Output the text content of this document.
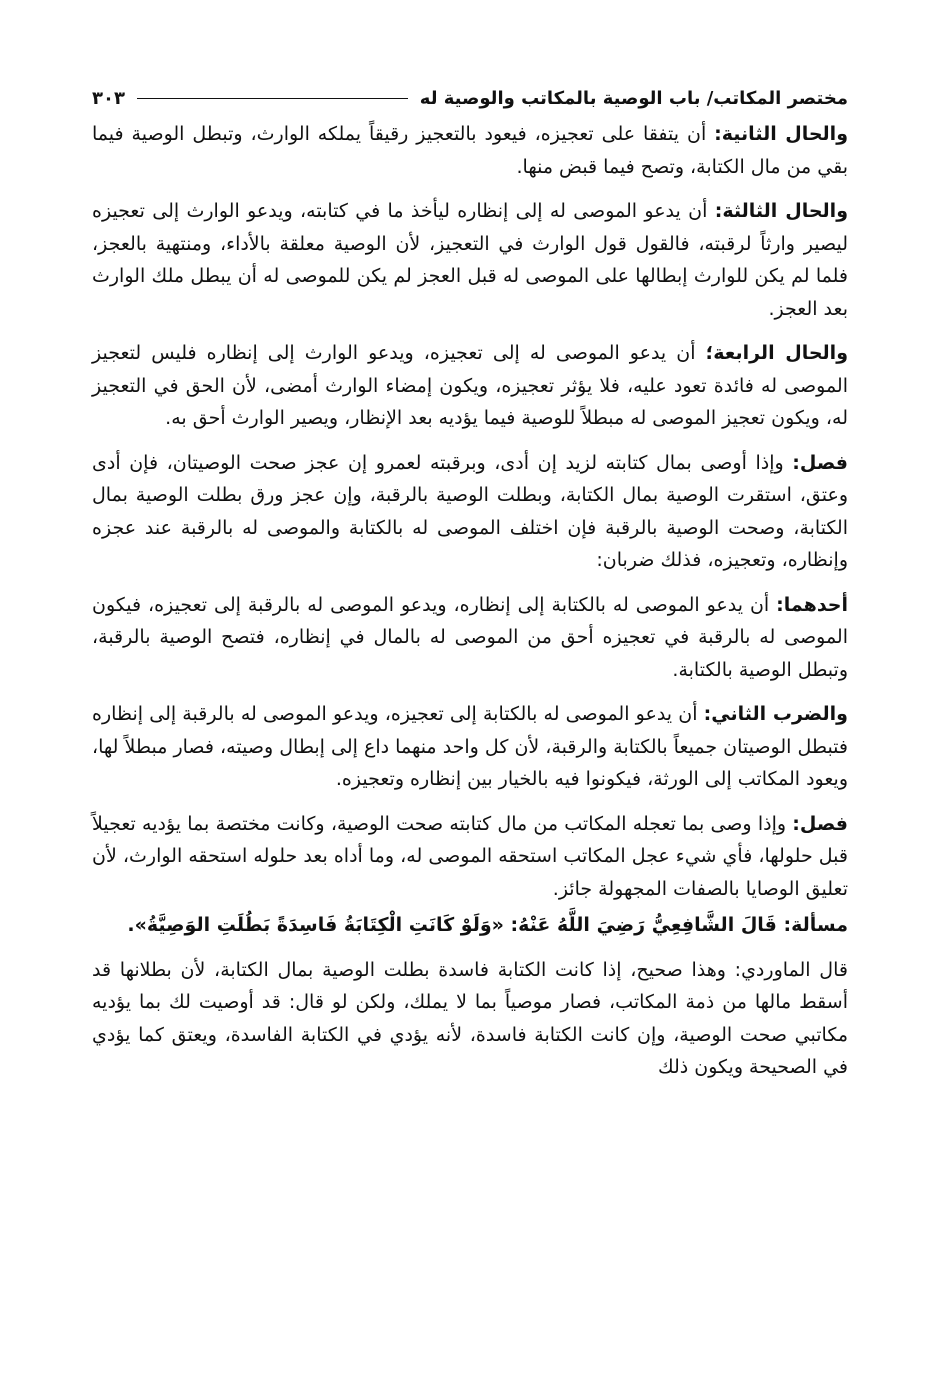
مختصر المكاتب/ باب الوصية بالمكاتب والوصية له
٣٠٣

والحال الثانية: أن يتفقا على تعجيزه، فيعود بالتعجيز رقيقاً يملكه الوارث، وتبطل الوصية فيما بقي من مال الكتابة، وتصح فيما قبض منها.

والحال الثالثة: أن يدعو الموصى له إلى إنظاره ليأخذ ما في كتابته، ويدعو الوارث إلى تعجيزه ليصير وارثاً لرقبته، فالقول قول الوارث في التعجيز، لأن الوصية معلقة بالأداء، ومنتهية بالعجز، فلما لم يكن للوارث إبطالها على الموصى له قبل العجز لم يكن للموصى له أن يبطل ملك الوارث بعد العجز.

والحال الرابعة؛ أن يدعو الموصى له إلى تعجيزه، ويدعو الوارث إلى إنظاره فليس لتعجيز الموصى له فائدة تعود عليه، فلا يؤثر تعجيزه، ويكون إمضاء الوارث أمضى، لأن الحق في التعجيز له، ويكون تعجيز الموصى له مبطلاً للوصية فيما يؤديه بعد الإنظار، ويصير الوارث أحق به.

فصل: وإذا أوصى بمال كتابته لزيد إن أدى، وبرقبته لعمرو إن عجز صحت الوصيتان، فإن أدى وعتق، استقرت الوصية بمال الكتابة، وبطلت الوصية بالرقبة، وإن عجز ورق بطلت الوصية بمال الكتابة، وصحت الوصية بالرقبة فإن اختلف الموصى له بالكتابة والموصى له بالرقبة عند عجزه وإنظاره، وتعجيزه، فذلك ضربان:

أحدهما: أن يدعو الموصى له بالكتابة إلى إنظاره، ويدعو الموصى له بالرقبة إلى تعجيزه، فيكون الموصى له بالرقبة في تعجيزه أحق من الموصى له بالمال في إنظاره، فتصح الوصية بالرقبة، وتبطل الوصية بالكتابة.

والضرب الثاني: أن يدعو الموصى له بالكتابة إلى تعجيزه، ويدعو الموصى له بالرقبة إلى إنظاره فتبطل الوصيتان جميعاً بالكتابة والرقبة، لأن كل واحد منهما داع إلى إبطال وصيته، فصار مبطلاً لها، ويعود المكاتب إلى الورثة، فيكونوا فيه بالخيار بين إنظاره وتعجيزه.

فصل: وإذا وصى بما تعجله المكاتب من مال كتابته صحت الوصية، وكانت مختصة بما يؤديه تعجيلاً قبل حلولها، فأي شيء عجل المكاتب استحقه الموصى له، وما أداه بعد حلوله استحقه الوارث، لأن تعليق الوصايا بالصفات المجهولة جائز.

مسألة: قَالَ الشَّافِعِيُّ رَضِيَ اللَّهُ عَنْهُ: «وَلَوْ كَانَتِ الْكِتَابَةُ فَاسِدَةً بَطُلَتِ الوَصِيَّةُ».

قال الماوردي: وهذا صحيح، إذا كانت الكتابة فاسدة بطلت الوصية بمال الكتابة، لأن بطلانها قد أسقط مالها من ذمة المكاتب، فصار موصياً بما لا يملك، ولكن لو قال: قد أوصيت لك بما يؤديه مكاتبي صحت الوصية، وإن كانت الكتابة فاسدة، لأنه يؤدي في الكتابة الفاسدة، ويعتق كما يؤدي في الصحيحة ويكون ذلك
